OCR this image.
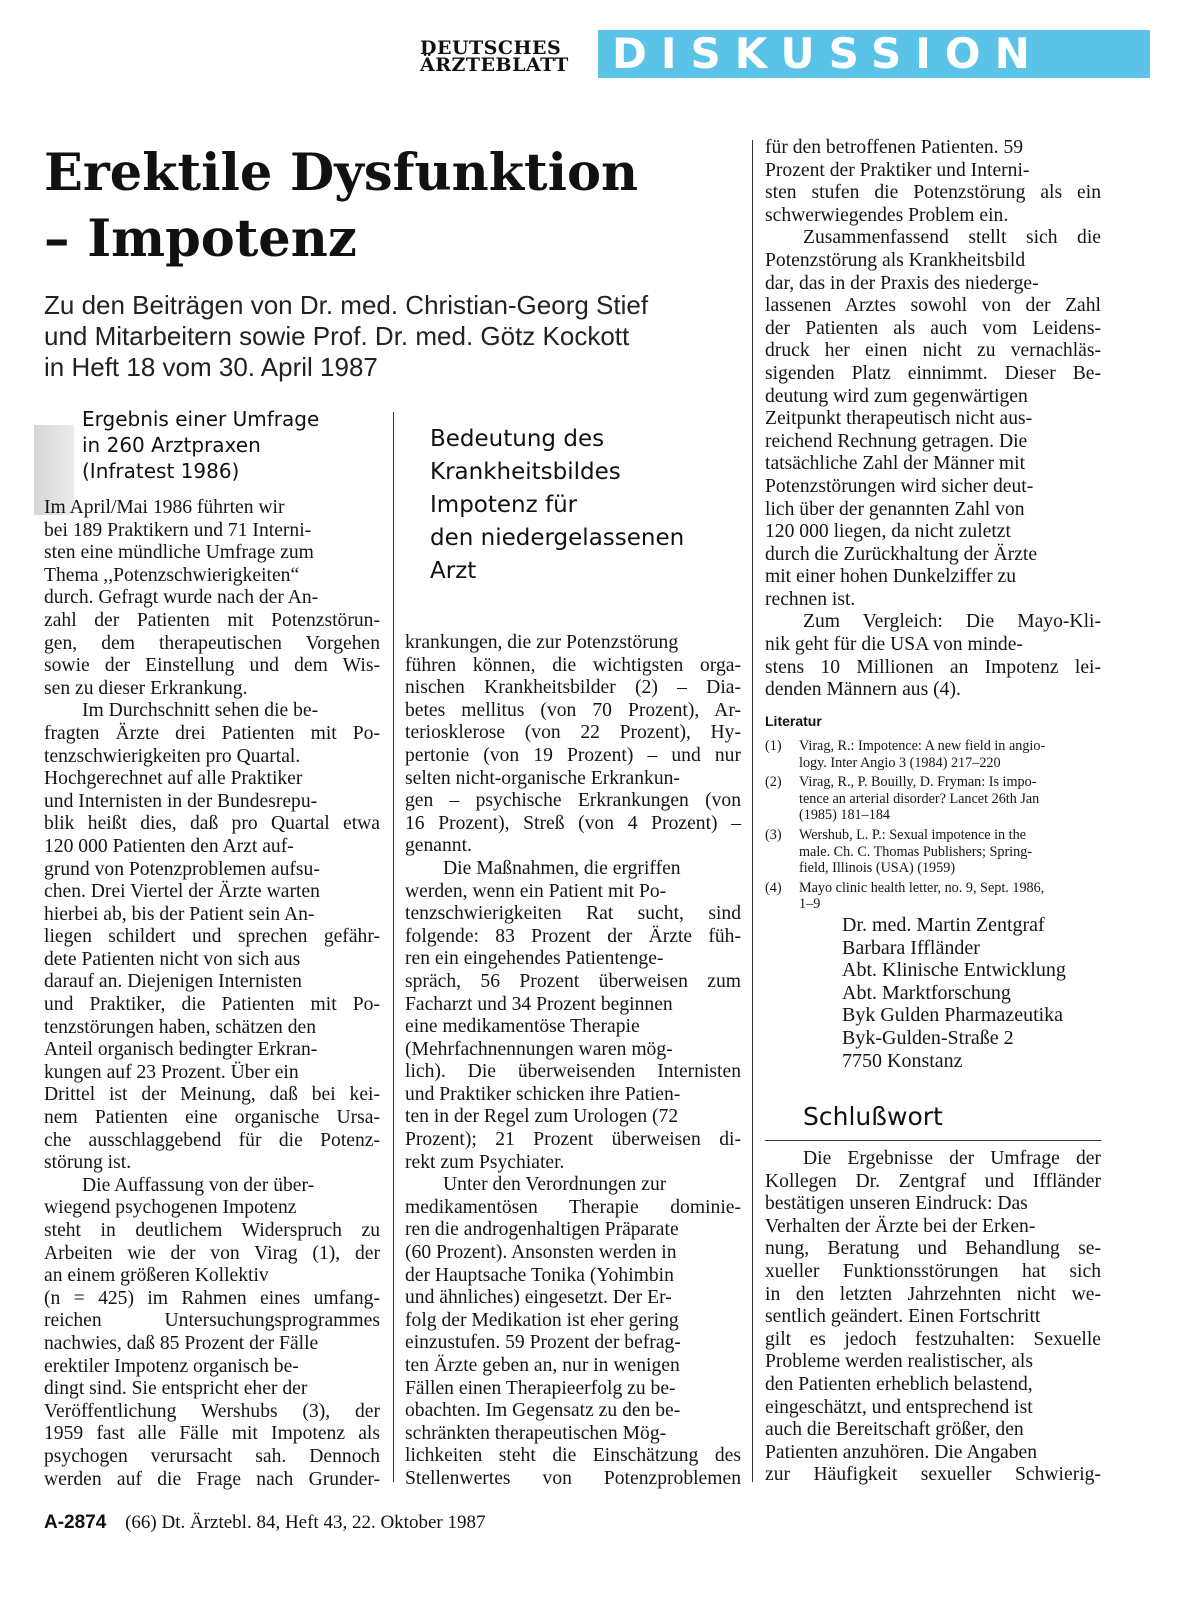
DEUTSCHES
ÄRZTEBLATT	DISKUSSION
Erektile Dysfunktion
– Impotenz
Zu den Beiträgen von Dr. med. Christian-Georg Stief
und Mitarbeitern sowie Prof. Dr. med. Götz Kockott
in Heft 18 vom 30. April 1987
Ergebnis einer Umfrage
in 260 Arztpraxen
(Infratest 1986)
Im April/Mai 1986 führten wir
bei 189 Praktikern und 71 Interni-
sten eine mündliche Umfrage zum
Thema ,,Potenzschwierigkeiten“
durch. Gefragt wurde nach der An-
zahl der Patienten mit Potenzstörun-
gen, dem therapeutischen Vorgehen
sowie der Einstellung und dem Wis-
sen zu dieser Erkrankung.
Im Durchschnitt sehen die be-
fragten Ärzte drei Patienten mit Po-
tenzschwierigkeiten pro Quartal.
Hochgerechnet auf alle Praktiker
und Internisten in der Bundesrepu-
blik heißt dies, daß pro Quartal etwa
120 000 Patienten den Arzt auf-
grund von Potenzproblemen aufsu-
chen. Drei Viertel der Ärzte warten
hierbei ab, bis der Patient sein An-
liegen schildert und sprechen gefähr-
dete Patienten nicht von sich aus
darauf an. Diejenigen Internisten
und Praktiker, die Patienten mit Po-
tenzstörungen haben, schätzen den
Anteil organisch bedingter Erkran-
kungen auf 23 Prozent. Über ein
Drittel ist der Meinung, daß bei kei-
nem Patienten eine organische Ursa-
che ausschlaggebend für die Potenz-
störung ist.
Die Auffassung von der über-
wiegend psychogenen Impotenz
steht in deutlichem Widerspruch zu
Arbeiten wie der von Virag (1), der
an einem größeren Kollektiv
(n = 425) im Rahmen eines umfang-
reichen Untersuchungsprogrammes
nachwies, daß 85 Prozent der Fälle
erektiler Impotenz organisch be-
dingt sind. Sie entspricht eher der
Veröffentlichung Wershubs (3), der
1959 fast alle Fälle mit Impotenz als
psychogen verursacht sah. Dennoch
werden auf die Frage nach Grunder-
Bedeutung des
Krankheitsbildes
Impotenz für
den niedergelassenen
Arzt
krankungen, die zur Potenzstörung
führen können, die wichtigsten orga-
nischen Krankheitsbilder (2) – Dia-
betes mellitus (von 70 Prozent), Ar-
teriosklerose (von 22 Prozent), Hy-
pertonie (von 19 Prozent) – und nur
selten nicht-organische Erkrankun-
gen – psychische Erkrankungen (von
16 Prozent), Streß (von 4 Prozent) –
genannt.
Die Maßnahmen, die ergriffen
werden, wenn ein Patient mit Po-
tenzschwierigkeiten Rat sucht, sind
folgende: 83 Prozent der Ärzte füh-
ren ein eingehendes Patientenge-
spräch, 56 Prozent überweisen zum
Facharzt und 34 Prozent beginnen
eine medikamentöse Therapie
(Mehrfachnennungen waren mög-
lich). Die überweisenden Internisten
und Praktiker schicken ihre Patien-
ten in der Regel zum Urologen (72
Prozent); 21 Prozent überweisen di-
rekt zum Psychiater.
Unter den Verordnungen zur
medikamentösen Therapie dominie-
ren die androgenhaltigen Präparate
(60 Prozent). Ansonsten werden in
der Hauptsache Tonika (Yohimbin
und ähnliches) eingesetzt. Der Er-
folg der Medikation ist eher gering
einzustufen. 59 Prozent der befrag-
ten Ärzte geben an, nur in wenigen
Fällen einen Therapieerfolg zu be-
obachten. Im Gegensatz zu den be-
schränkten therapeutischen Mög-
lichkeiten steht die Einschätzung des
Stellenwertes von Potenzproblemen
für den betroffenen Patienten. 59
Prozent der Praktiker und Interni-
sten stufen die Potenzstörung als ein
schwerwiegendes Problem ein.
Zusammenfassend stellt sich die
Potenzstörung als Krankheitsbild
dar, das in der Praxis des niederge-
lassenen Arztes sowohl von der Zahl
der Patienten als auch vom Leidens-
druck her einen nicht zu vernachläs-
sigenden Platz einnimmt. Dieser Be-
deutung wird zum gegenwärtigen
Zeitpunkt therapeutisch nicht aus-
reichend Rechnung getragen. Die
tatsächliche Zahl der Männer mit
Potenzstörungen wird sicher deut-
lich über der genannten Zahl von
120 000 liegen, da nicht zuletzt
durch die Zurückhaltung der Ärzte
mit einer hohen Dunkelziffer zu
rechnen ist.
Zum Vergleich: Die Mayo-Kli-
nik geht für die USA von minde-
stens 10 Millionen an Impotenz lei-
denden Männern aus (4).
Literatur
(1) Virag, R.: Impotence: A new field in angio-
logy. Inter Angio 3 (1984) 217–220
(2) Virag, R., P. Bouilly, D. Fryman: Is impo-
tence an arterial disorder? Lancet 26th Jan
(1985) 181–184
(3) Wershub, L. P.: Sexual impotence in the
male. Ch. C. Thomas Publishers; Spring-
field, Illinois (USA) (1959)
(4) Mayo clinic health letter, no. 9, Sept. 1986,
1–9
Dr. med. Martin Zentgraf
Barbara Iffländer
Abt. Klinische Entwicklung
Abt. Marktforschung
Byk Gulden Pharmazeutika
Byk-Gulden-Straße 2
7750 Konstanz
Schlußwort
Die Ergebnisse der Umfrage der
Kollegen Dr. Zentgraf und Iffländer
bestätigen unseren Eindruck: Das
Verhalten der Ärzte bei der Erken-
nung, Beratung und Behandlung se-
xueller Funktionsstörungen hat sich
in den letzten Jahrzehnten nicht we-
sentlich geändert. Einen Fortschritt
gilt es jedoch festzuhalten: Sexuelle
Probleme werden realistischer, als
den Patienten erheblich belastend,
eingeschätzt, und entsprechend ist
auch die Bereitschaft größer, den
Patienten anzuhören. Die Angaben
zur Häufigkeit sexueller Schwierig-
A-2874 (66) Dt. Ärztebl. 84, Heft 43, 22. Oktober 1987
